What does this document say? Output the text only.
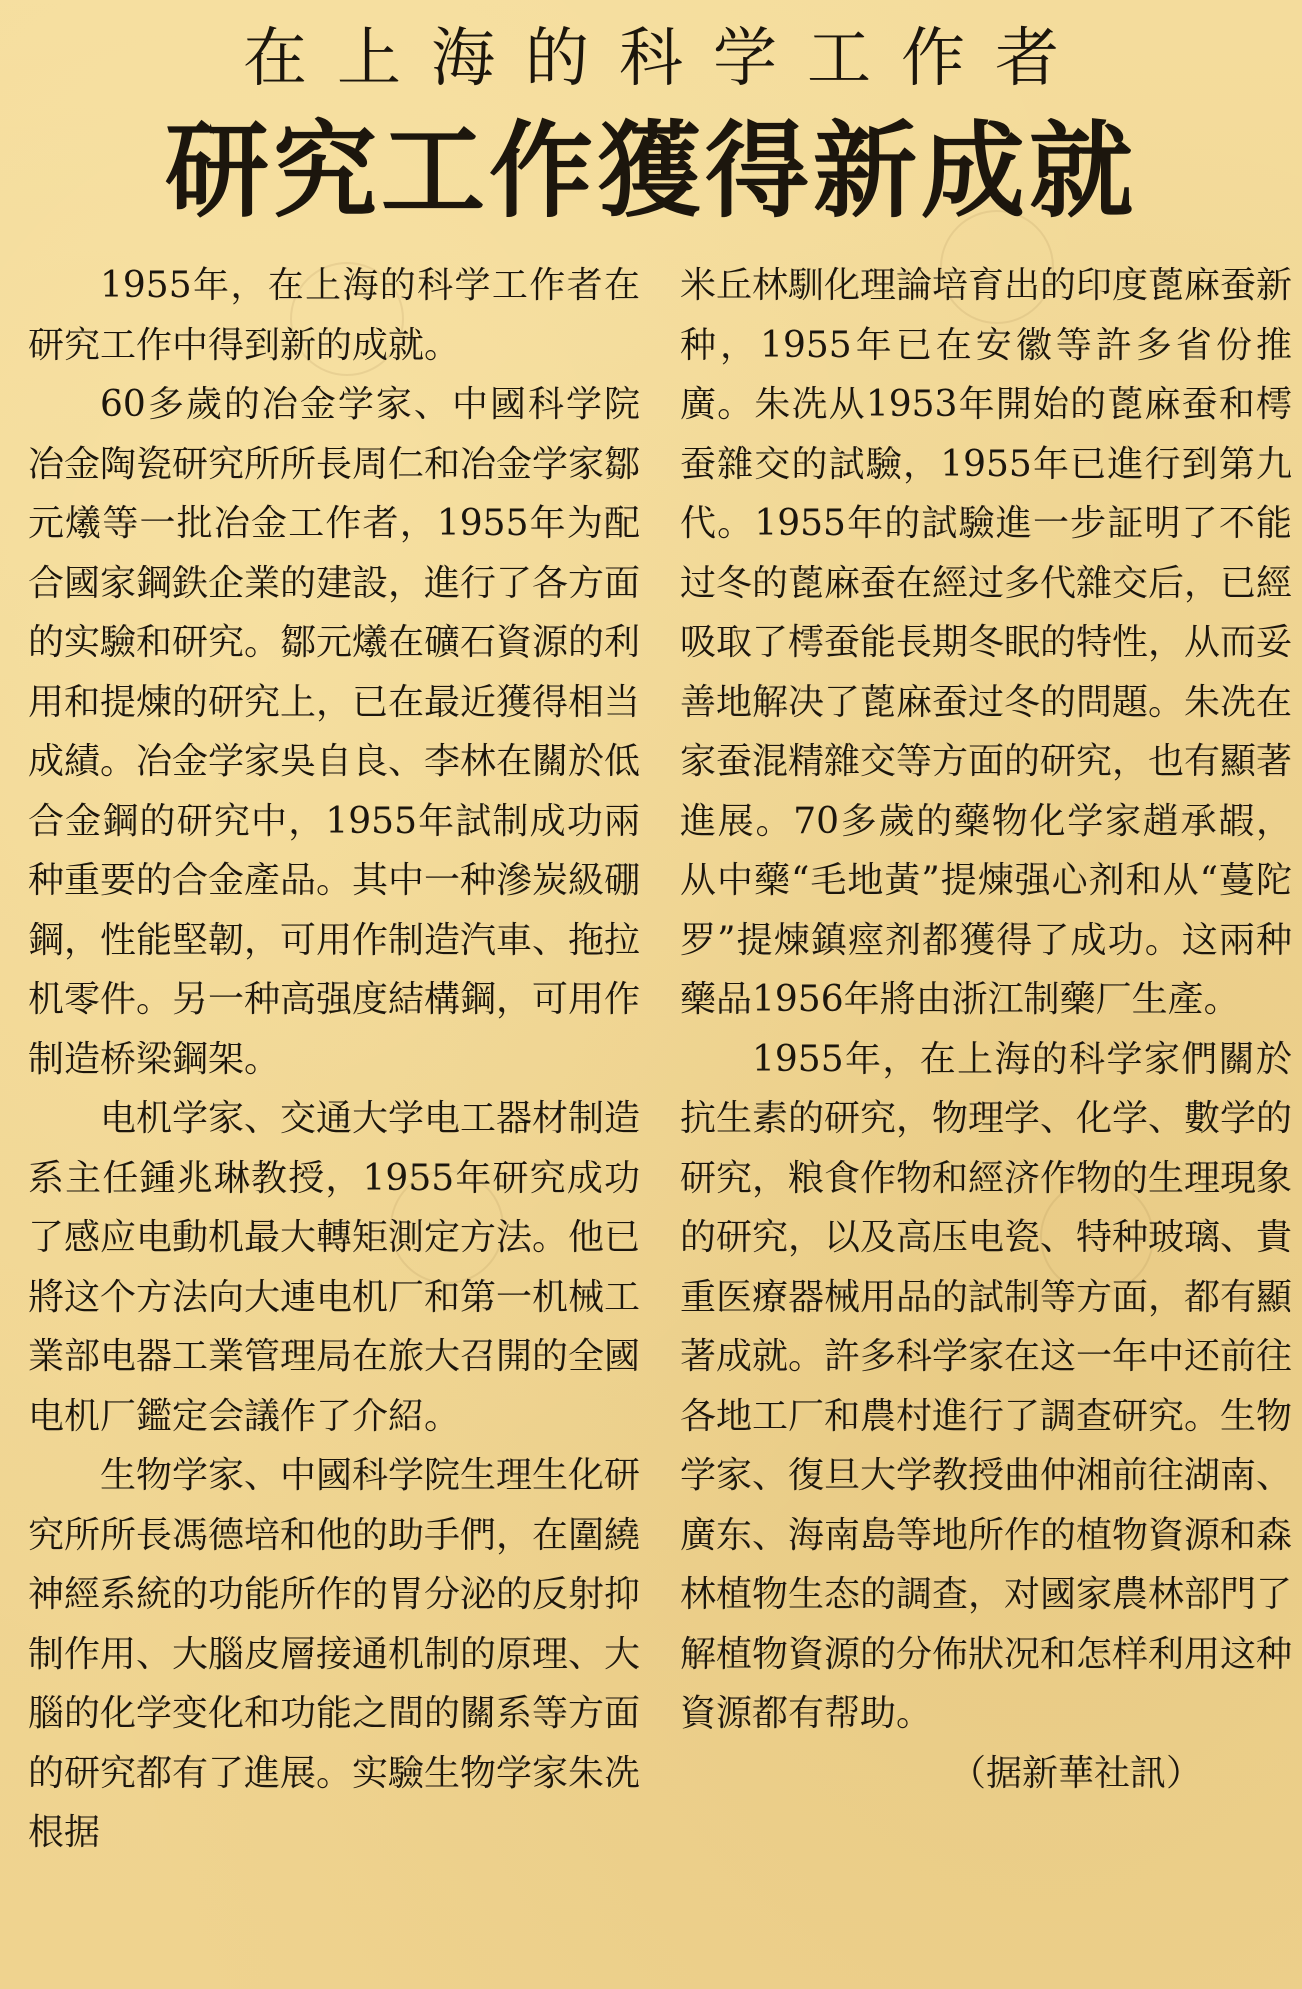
在上海的科学工作者
研究工作獲得新成就

1955年，在上海的科学工作者在研究工作中得到新的成就。

60多歲的冶金学家、中國科学院冶金陶瓷研究所所長周仁和冶金学家鄒元爔等一批冶金工作者，1955年为配合國家鋼鉄企業的建設，進行了各方面的实驗和研究。鄒元爔在礦石資源的利用和提煉的研究上，已在最近獲得相当成績。冶金学家吳自良、李林在關於低合金鋼的研究中，1955年試制成功兩种重要的合金產品。其中一种滲炭級硼鋼，性能堅韌，可用作制造汽車、拖拉机零件。另一种高强度結構鋼，可用作制造桥梁鋼架。

电机学家、交通大学电工器材制造系主任鍾兆琳教授，1955年研究成功了感应电動机最大轉矩測定方法。他已將这个方法向大連电机厂和第一机械工業部电器工業管理局在旅大召開的全國电机厂鑑定会議作了介紹。

生物学家、中國科学院生理生化研究所所長馮德培和他的助手們，在圍繞神經系統的功能所作的胃分泌的反射抑制作用、大腦皮層接通机制的原理、大腦的化学变化和功能之間的關系等方面的研究都有了進展。实驗生物学家朱冼根据

米丘林馴化理論培育出的印度蓖麻蚕新种，1955年已在安徽等許多省份推廣。朱冼从1953年開始的蓖麻蚕和樗蚕雜交的試驗，1955年已進行到第九代。1955年的試驗進一步証明了不能过冬的蓖麻蚕在經过多代雜交后，已經吸取了樗蚕能長期冬眠的特性，从而妥善地解决了蓖麻蚕过冬的問題。朱冼在家蚕混精雜交等方面的研究，也有顯著進展。70多歲的藥物化学家趙承嘏，从中藥“毛地黃”提煉强心剂和从“蔓陀罗”提煉鎮痙剂都獲得了成功。这兩种藥品1956年將由浙江制藥厂生產。

1955年，在上海的科学家們關於抗生素的研究，物理学、化学、數学的研究，粮食作物和經济作物的生理現象的研究，以及高压电瓷、特种玻璃、貴重医療器械用品的試制等方面，都有顯著成就。許多科学家在这一年中还前往各地工厂和農村進行了調查研究。生物学家、復旦大学教授曲仲湘前往湖南、廣东、海南島等地所作的植物資源和森林植物生态的調查，对國家農林部門了解植物資源的分佈狀况和怎样利用这种資源都有帮助。

（据新華社訊）
